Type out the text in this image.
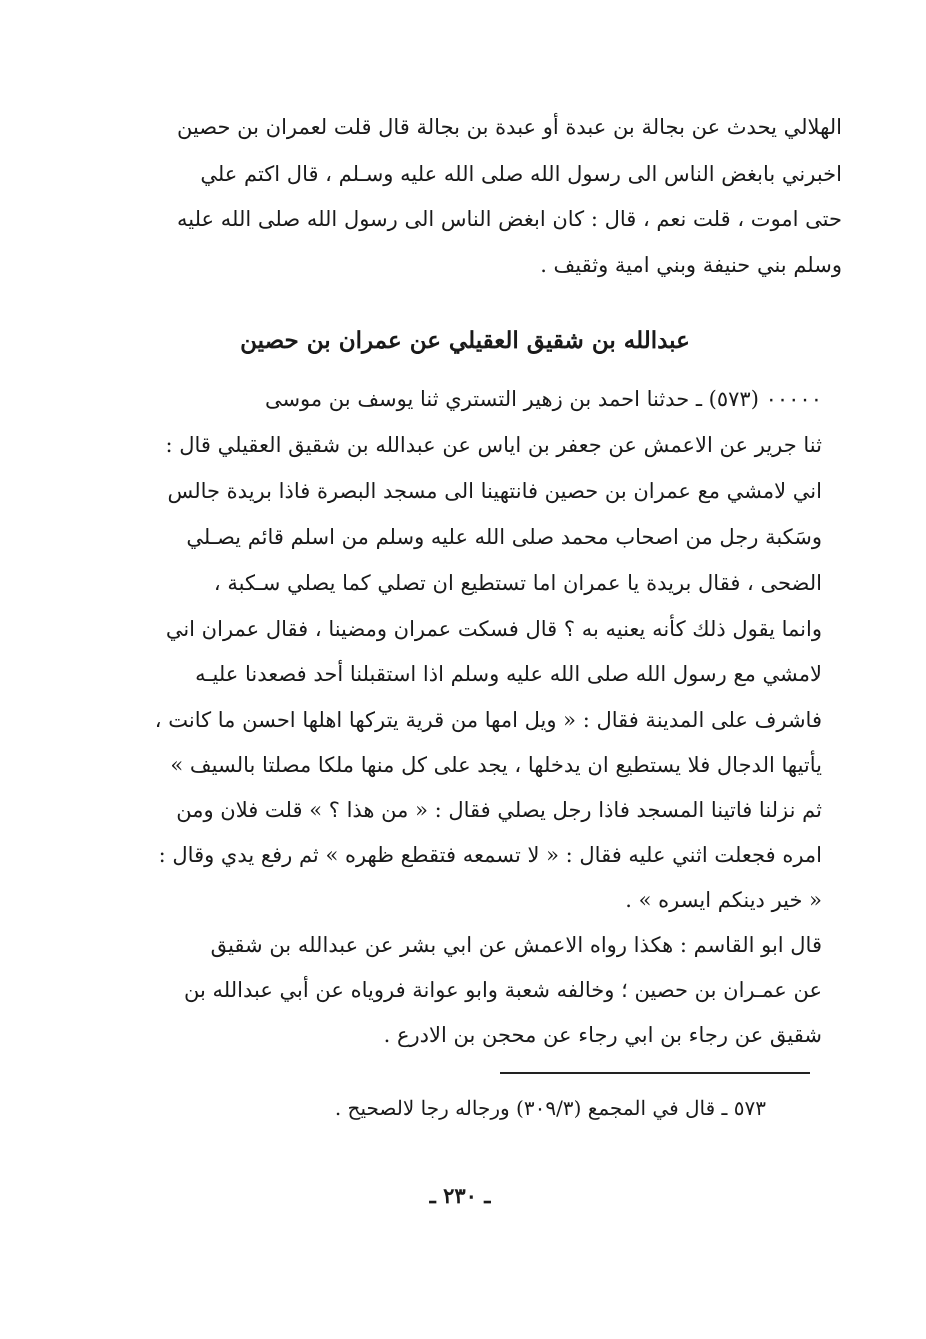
الهلالي يحدث عن بجالة بن عبدة أو عبدة بن بجالة قال قلت لعمران بن حصين
اخبرني بابغض الناس الى رسول الله صلى الله عليه وسـلم ، قال اكتم علي
حتى اموت ، قلت نعم ، قال : كان ابغض الناس الى رسول الله صلى الله عليه
وسلم بني حنيفة وبني امية وثقيف .
عبدالله بن شقيق العقيلي عن عمران بن حصين
٠٠٠٠٠ (٥٧٣) ـ حدثنا احمد بن زهير التستري ثنا يوسف بن موسى
ثنا جرير عن الاعمش عن جعفر بن اياس عن عبدالله بن شقيق العقيلي قال :
اني لامشي مع عمران بن حصين فانتهينا الى مسجد البصرة فاذا بريدة جالس
وسَكبة رجل من اصحاب محمد صلى الله عليه وسلم من اسلم قائم يصـلي
الضحى ، فقال بريدة يا عمران اما تستطيع ان تصلي كما يصلي سـكبة ،
وانما يقول ذلك كأنه يعنيه به ؟ قال فسكت عمران ومضينا ، فقال عمران اني
لامشي مع رسول الله صلى الله عليه وسلم اذا استقبلنا أحد فصعدنا عليـه
فاشرف على المدينة فقال : « ويل امها من قرية يتركها اهلها احسن ما كانت ،
يأتيها الدجال فلا يستطيع ان يدخلها ، يجد على كل منها ملكا مصلتا بالسيف »
ثم نزلنا فاتينا المسجد فاذا رجل يصلي فقال : « من هذا ؟ » قلت فلان ومن
امره فجعلت اثني عليه فقال : « لا تسمعه فتقطع ظهره » ثم رفع يدي وقال :
« خير دينكم ايسره » .
قال ابو القاسم : هكذا رواه الاعمش عن ابي بشر عن عبدالله بن شقيق
عن عمـران بن حصين ؛ وخالفه شعبة وابو عوانة فروياه عن أبي عبدالله بن
شقيق عن رجاء بن ابي رجاء عن محجن بن الادرع .
٥٧٣ ـ قال في المجمع (٣٠٩/٣) ورجاله رجا لالصحيح .
ـ ٢٣٠ ـ
